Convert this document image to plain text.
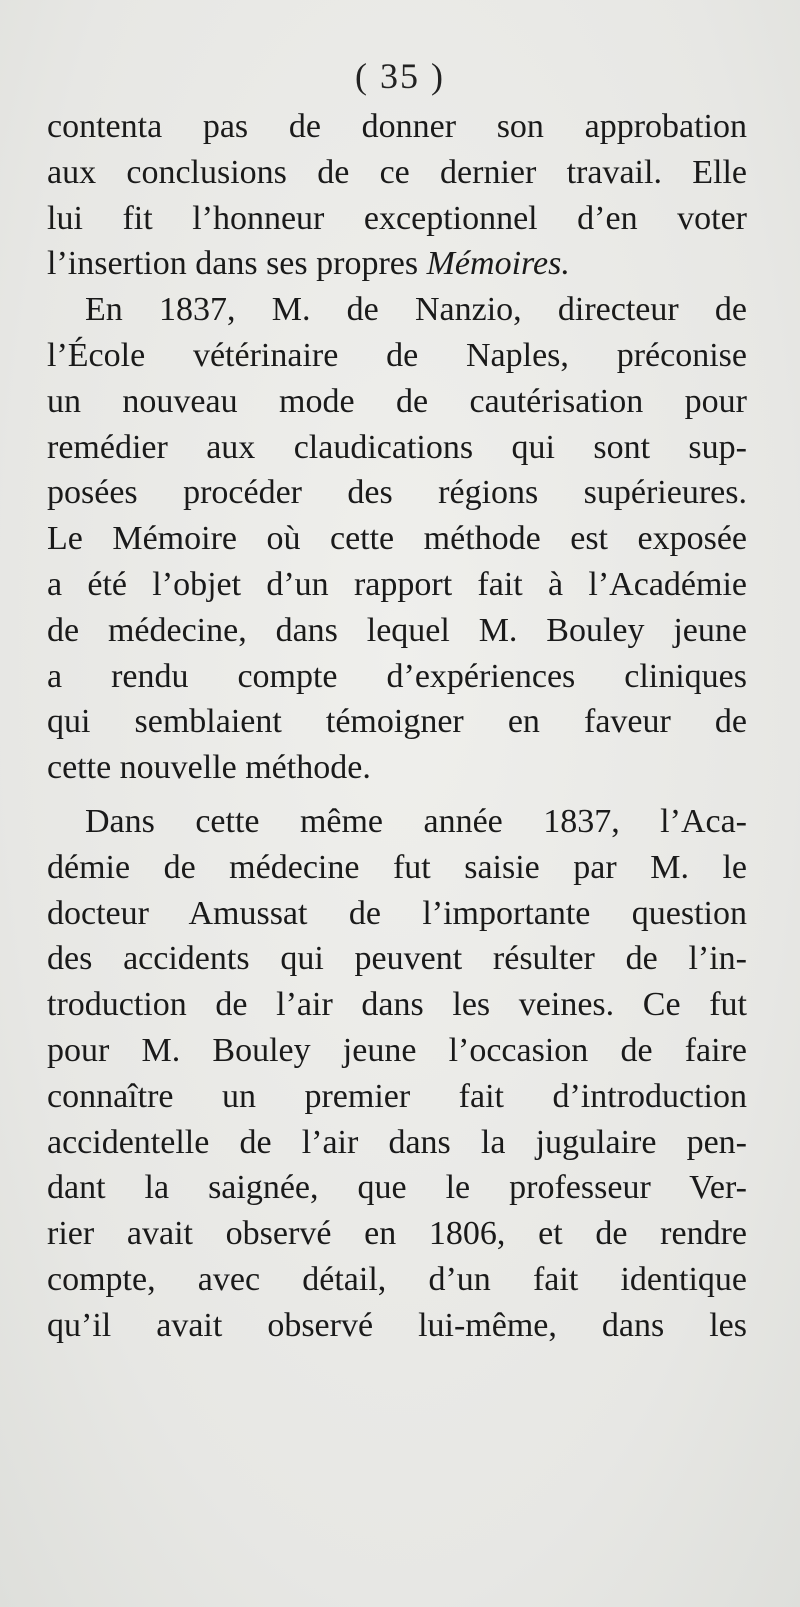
( 35 )
contenta pas de donner son approbation
aux conclusions de ce dernier travail. Elle
lui fit l’honneur exceptionnel d’en voter
l’insertion dans ses propres Mémoires.
En 1837, M. de Nanzio, directeur de
l’École vétérinaire de Naples, préconise
un nouveau mode de cautérisation pour
remédier aux claudications qui sont sup-
posées procéder des régions supérieures.
Le Mémoire où cette méthode est exposée
a été l’objet d’un rapport fait à l’Académie
de médecine, dans lequel M. Bouley jeune
a rendu compte d’expériences cliniques
qui semblaient témoigner en faveur de
cette nouvelle méthode.
Dans cette même année 1837, l’Aca-
démie de médecine fut saisie par M. le
docteur Amussat de l’importante question
des accidents qui peuvent résulter de l’in-
troduction de l’air dans les veines. Ce fut
pour M. Bouley jeune l’occasion de faire
connaître un premier fait d’introduction
accidentelle de l’air dans la jugulaire pen-
dant la saignée, que le professeur Ver-
rier avait observé en 1806, et de rendre
compte, avec détail, d’un fait identique
qu’il avait observé lui-même, dans les
